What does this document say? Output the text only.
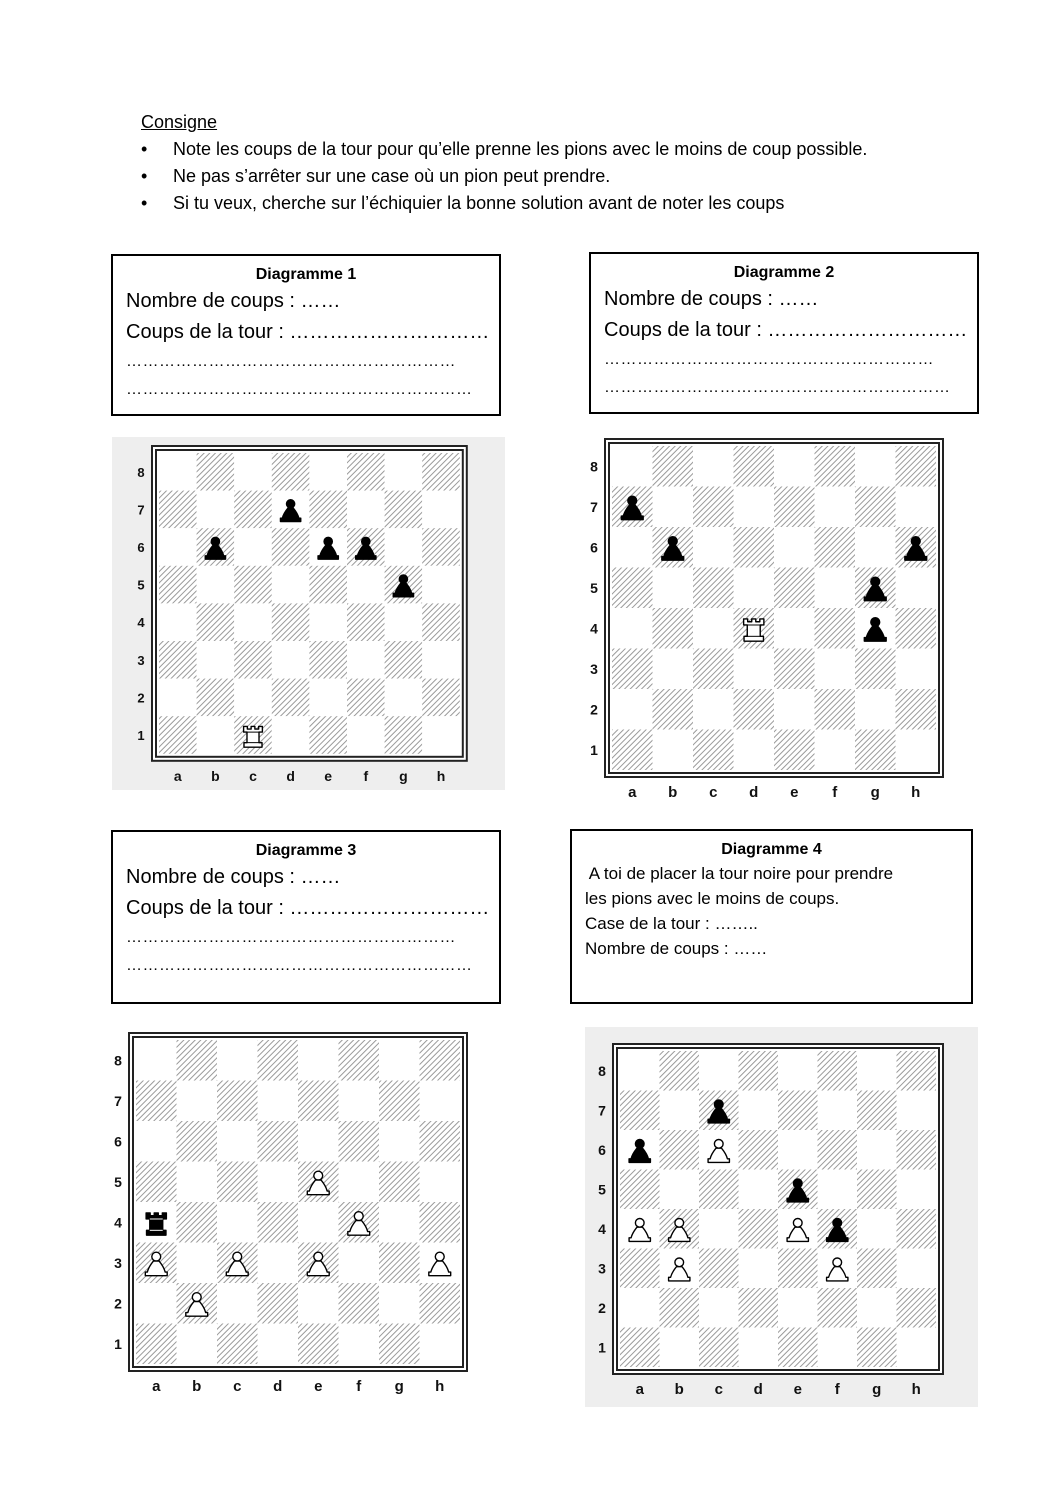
Consigne
• Note les coups de la tour pour qu’elle prenne les pions avec le moins de coup possible.
• Ne pas s’arrêter sur une case où un pion peut prendre.
• Si tu veux, cherche sur l’échiquier la bonne solution avant de noter les coups
Diagramme 1
Nombre de coups : ……
Coups de la tour : …………………………
……………………………………………………
………………………………………………………
Diagramme 2
Nombre de coups : ……
Coups de la tour : …………………………
……………………………………………………
………………………………………………………
Diagramme 3
Nombre de coups : ……
Coups de la tour : …………………………
……………………………………………………
………………………………………………………
Diagramme 4
A toi de placer la tour noire pour prendre
les pions avec le moins de coups.
Case de la tour : ……..
Nombre de coups : ……
8
7
6
5
4
3
2
1
a b c d e f g h
8
7
6
5
4
3
2
1
a b c d e f g h
8
7
6
5
4
3
2
1
a b c d e f g h
8
7
6
5
4
3
2
1
a b c d e f g h
